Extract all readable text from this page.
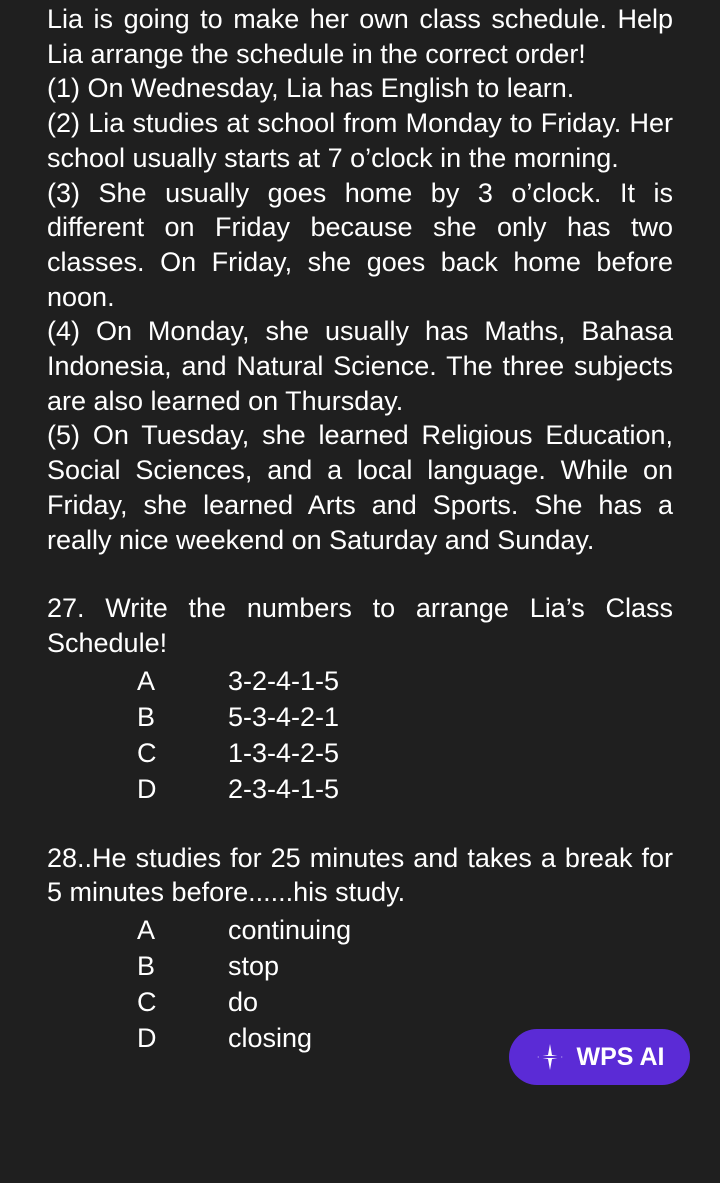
Lia is going to make her own class schedule. Help Lia arrange the schedule in the correct order!

(1) On Wednesday, Lia has English to learn.

(2) Lia studies at school from Monday to Friday. Her school usually starts at 7 o’clock in the morning.

(3) She usually goes home by 3 o’clock. It is different on Friday because she only has two classes. On Friday, she goes back home before noon.

(4) On Monday, she usually has Maths, Bahasa Indonesia, and Natural Science. The three subjects are also learned on Thursday.

(5) On Tuesday, she learned Religious Education, Social Sciences, and a local language. While on Friday, she learned Arts and Sports. She has a really nice weekend on Saturday and Sunday.

27. Write the numbers to arrange Lia’s Class Schedule!

A	3-2-4-1-5
B	5-3-4-2-1
C	1-3-4-2-5
D	2-3-4-1-5

28..He studies for 25 minutes and takes a break for 5 minutes before......his study.

A	continuing
B	stop
C	do
D	closing
WPS AI
